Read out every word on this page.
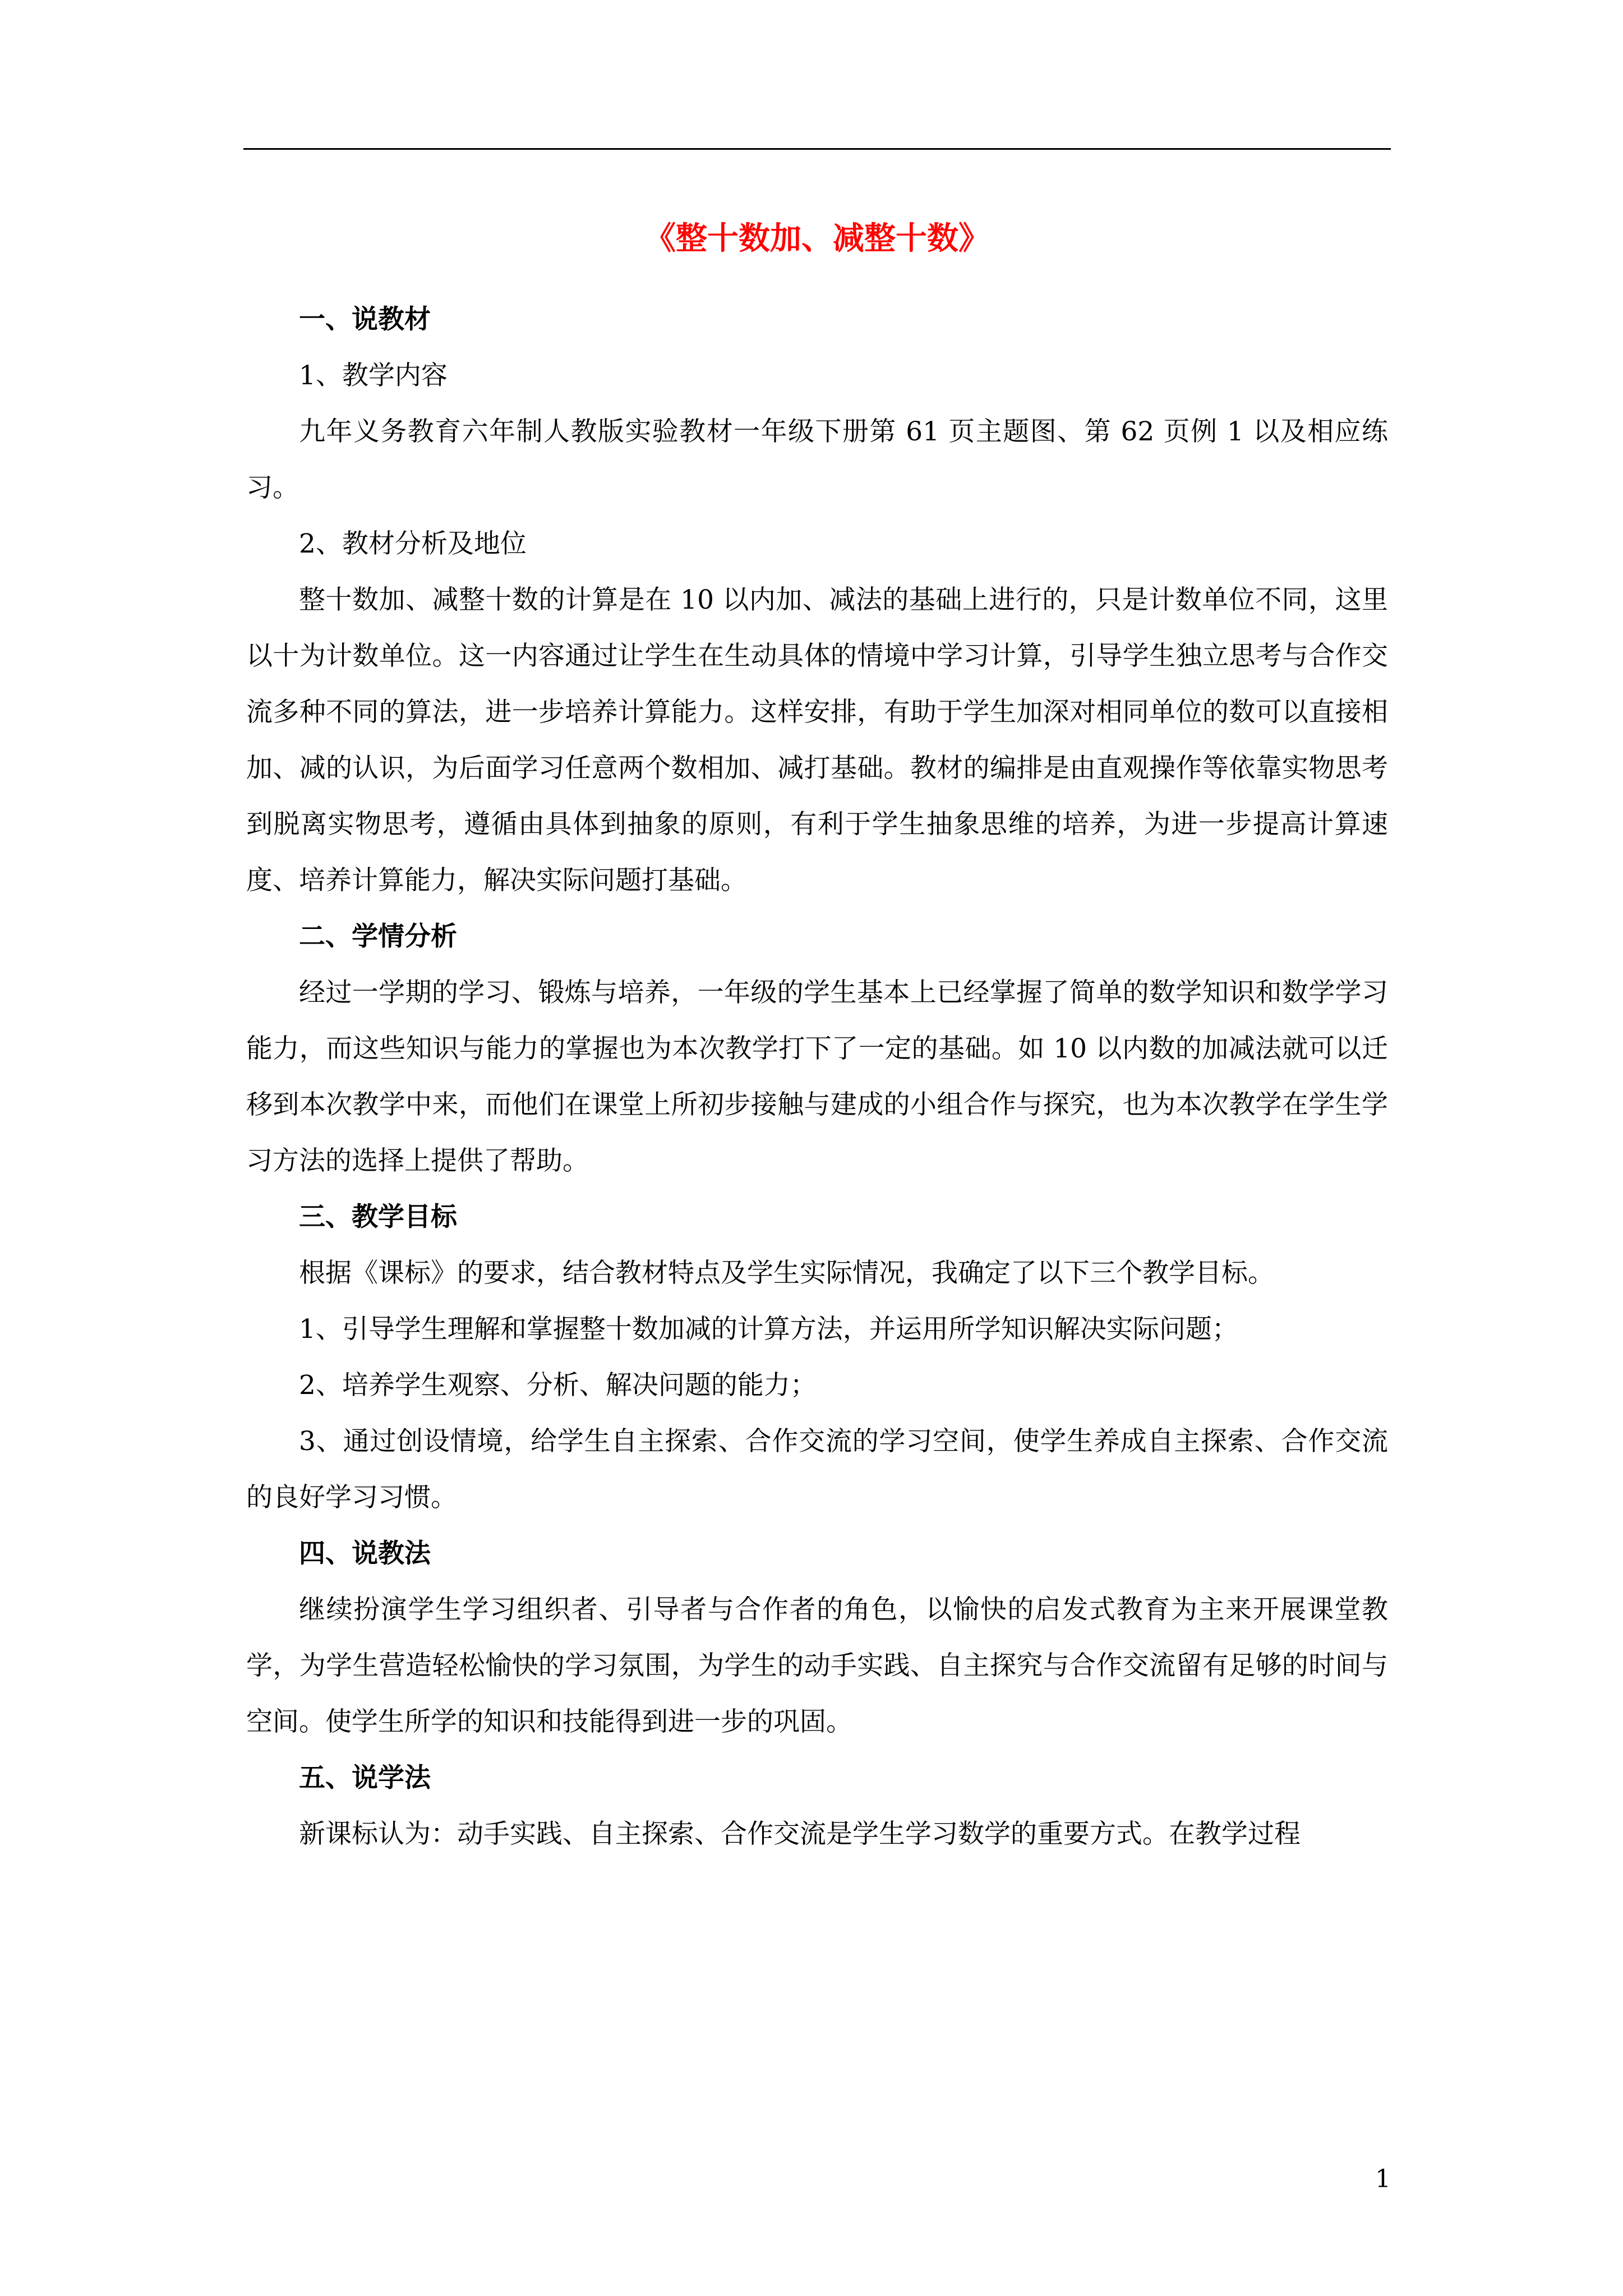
《整十数加、减整十数》

一、说教材

1、教学内容

九年义务教育六年制人教版实验教材一年级下册第 61 页主题图、第 62 页例 1 以及相应练习。

2、教材分析及地位

整十数加、减整十数的计算是在 10 以内加、减法的基础上进行的，只是计数单位不同，这里以十为计数单位。这一内容通过让学生在生动具体的情境中学习计算，引导学生独立思考与合作交流多种不同的算法，进一步培养计算能力。这样安排，有助于学生加深对相同单位的数可以直接相加、减的认识，为后面学习任意两个数相加、减打基础。教材的编排是由直观操作等依靠实物思考到脱离实物思考，遵循由具体到抽象的原则，有利于学生抽象思维的培养，为进一步提高计算速度、培养计算能力，解决实际问题打基础。

二、学情分析

经过一学期的学习、锻炼与培养，一年级的学生基本上已经掌握了简单的数学知识和数学学习能力，而这些知识与能力的掌握也为本次教学打下了一定的基础。如 10 以内数的加减法就可以迁移到本次教学中来，而他们在课堂上所初步接触与建成的小组合作与探究，也为本次教学在学生学习方法的选择上提供了帮助。

三、教学目标

根据《课标》的要求，结合教材特点及学生实际情况，我确定了以下三个教学目标。

1、引导学生理解和掌握整十数加减的计算方法，并运用所学知识解决实际问题；

2、培养学生观察、分析、解决问题的能力；

3、通过创设情境，给学生自主探索、合作交流的学习空间，使学生养成自主探索、合作交流的良好学习习惯。

四、说教法

继续扮演学生学习组织者、引导者与合作者的角色，以愉快的启发式教育为主来开展课堂教学，为学生营造轻松愉快的学习氛围，为学生的动手实践、自主探究与合作交流留有足够的时间与空间。使学生所学的知识和技能得到进一步的巩固。

五、说学法

新课标认为：动手实践、自主探索、合作交流是学生学习数学的重要方式。在教学过程

1
